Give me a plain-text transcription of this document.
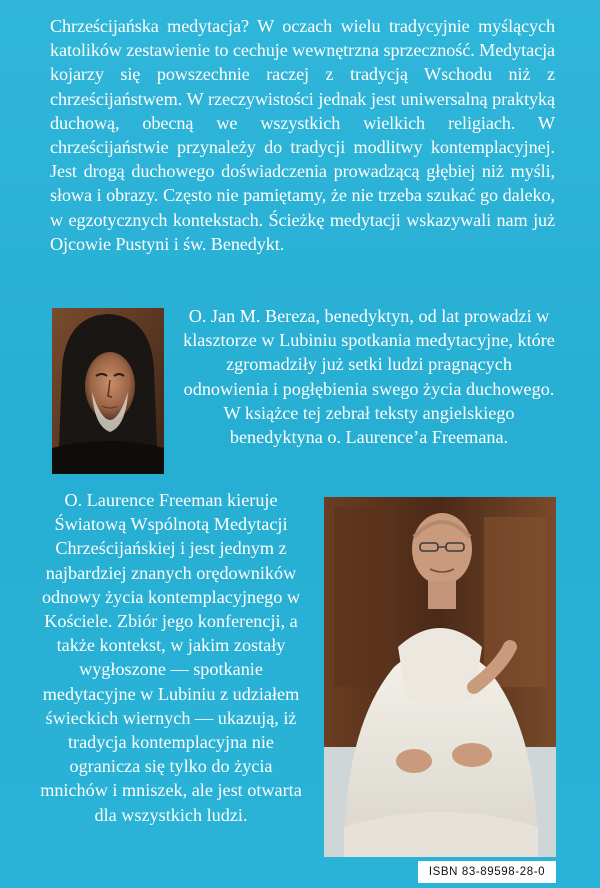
Chrześcijańska medytacja? W oczach wielu tradycyjnie myślących katolików zestawienie to cechuje wewnętrzna sprzeczność. Medytacja kojarzy się powszechnie raczej z tradycją Wschodu niż z chrześcijaństwem. W rzeczywistości jednak jest uniwersalną praktyką duchową, obecną we wszystkich wielkich religiach. W chrześcijaństwie przynależy do tradycji modlitwy kontemplacyjnej. Jest drogą duchowego doświadczenia prowadzącą głębiej niż myśli, słowa i obrazy. Często nie pamiętamy, że nie trzeba szukać go daleko, w egzotycznych kontekstach. Ścieżkę medytacji wskazywali nam już Ojcowie Pustyni i św. Benedykt.

O. Jan M. Bereza, benedyktyn, od lat prowadzi w klasztorze w Lubiniu spotkania medytacyjne, które zgromadziły już setki ludzi pragnących odnowienia i pogłębienia swego życia duchowego. W książce tej zebrał teksty angielskiego benedyktyna o. Laurence’a Freemana.

O. Laurence Freeman kieruje Światową Wspólnotą Medytacji Chrześcijańskiej i jest jednym z najbardziej znanych orędowników odnowy życia kontemplacyjnego w Kościele. Zbiór jego konferencji, a także kontekst, w jakim zostały wygłoszone — spotkanie medytacyjne w Lubiniu z udziałem świeckich wiernych — ukazują, iż tradycja kontemplacyjna nie ogranicza się tylko do życia mnichów i mniszek, ale jest otwarta dla wszystkich ludzi.

ISBN 83-89598-28-0
